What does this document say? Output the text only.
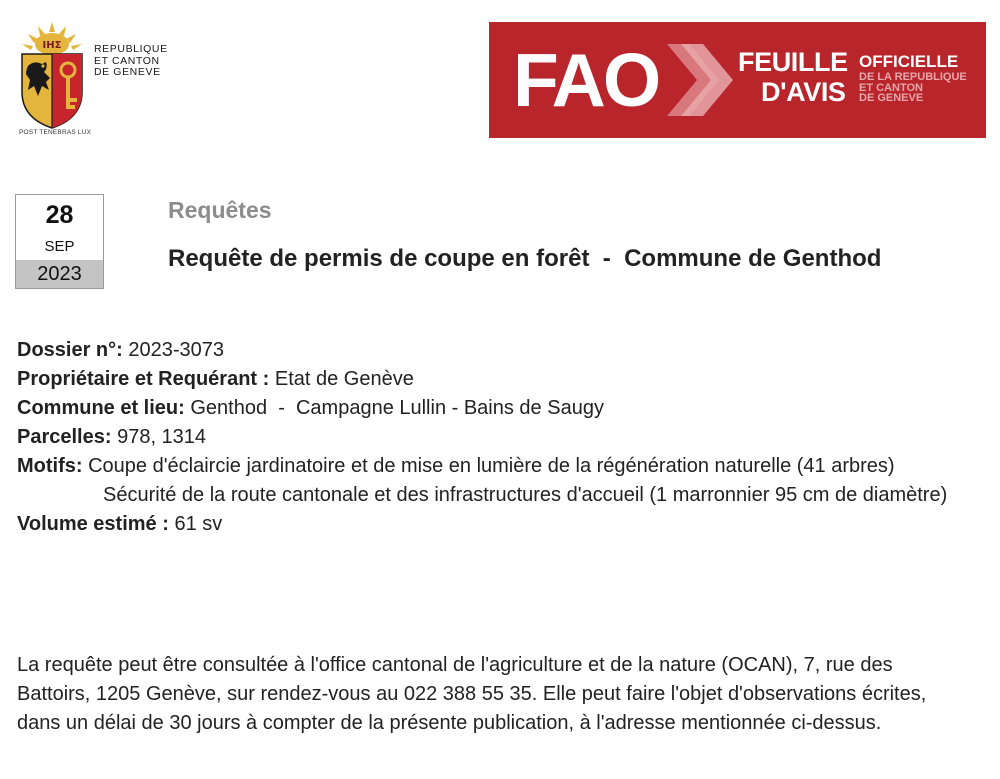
IHΣ	REPUBLIQUE
ET CANTON
DE GENEVE
POST TENEBRAS LUX
FAO	FEUILLE
D'AVIS
OFFICIELLE
DE LA REPUBLIQUE
ET CANTON
DE GENEVE
28
SEP
2023
Requêtes
Requête de permis de coupe en forêt  -  Commune de Genthod
Dossier n°: 2023-3073
Propriétaire et Requérant : Etat de Genève
Commune et lieu: Genthod  -  Campagne Lullin - Bains de Saugy
Parcelles: 978, 1314
Motifs: Coupe d'éclaircie jardinatoire et de mise en lumière de la régénération naturelle (41 arbres)
Sécurité de la route cantonale et des infrastructures d'accueil (1 marronnier 95 cm de diamètre)
Volume estimé : 61 sv
La requête peut être consultée à l'office cantonal de l'agriculture et de la nature (OCAN), 7, rue des Battoirs, 1205 Genève, sur rendez-vous au 022 388 55 35. Elle peut faire l'objet d'observations écrites, dans un délai de 30 jours à compter de la présente publication, à l'adresse mentionnée ci-dessus.
